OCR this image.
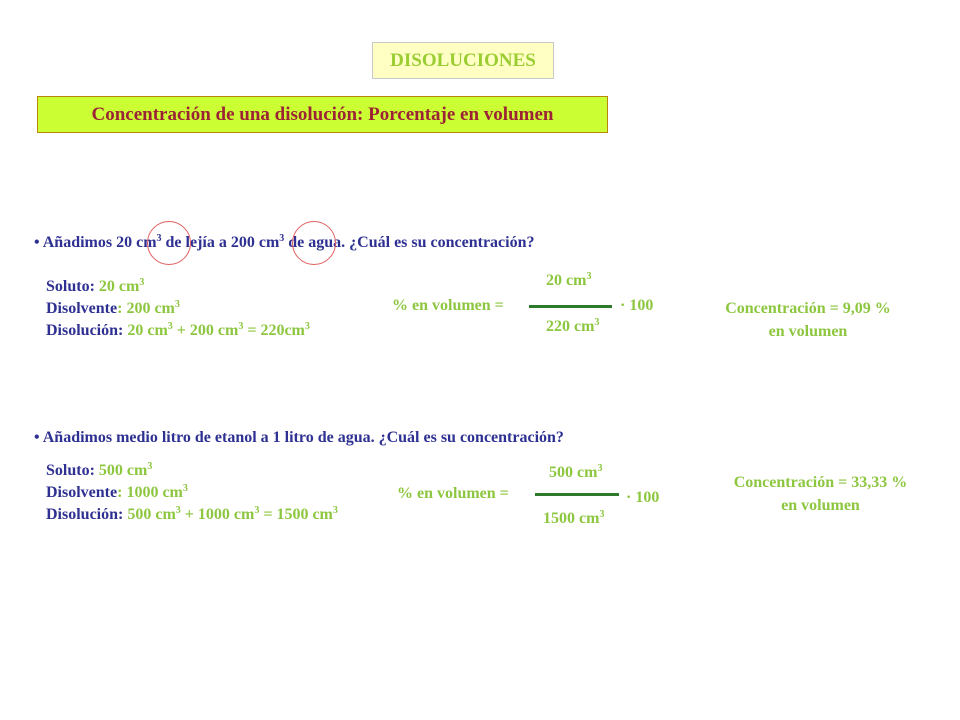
DISOLUCIONES
Concentración de una disolución: Porcentaje en volumen
• Añadimos 20 $cm^3$ de lejía a 200 $cm^3$ de agua. ¿Cuál es su concentración?
Soluto: 20 $cm^3$
Disolvente: 200 $cm^3$
Disolución: 20 $cm^3 + 200$ $cm^3 = 220cm^3$
% en volumen =
20 $cm^3$
220 $cm^3$
· 100	Concentración = 9,09 %
en volumen
• Añadimos medio litro de etanol a 1 litro de agua. ¿Cuál es su concentración?
Soluto: 500 $cm^3$
Disolvente: 1000 $cm^3$
Disolución: 500 $cm^3 + 1000$ $cm^3 = 1500$ $cm^3$
% en volumen =
500 $cm^3$
1500 $cm^3$
· 100
Concentración = 33,33 %
en volumen
